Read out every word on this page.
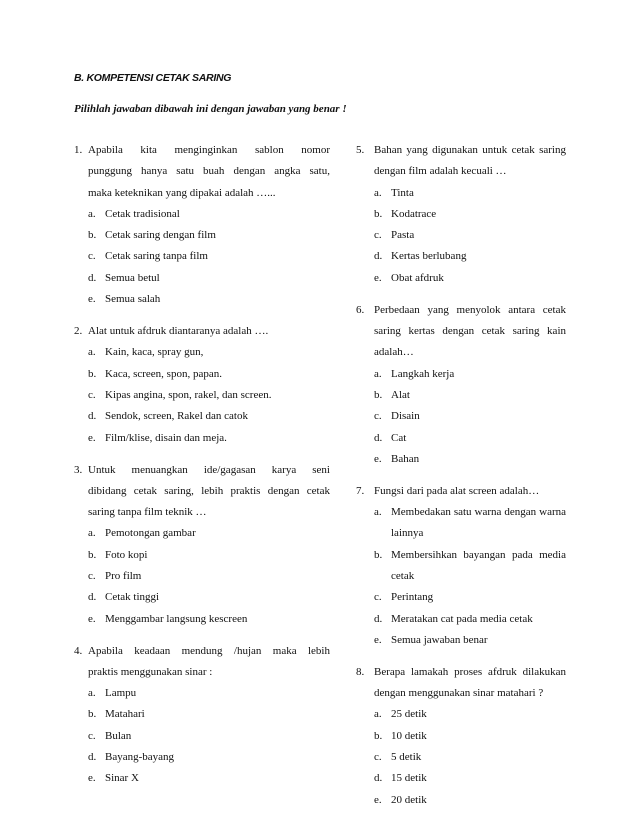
B. KOMPETENSI CETAK SARING
Pilihlah jawaban dibawah ini dengan jawaban yang benar !
1. Apabila kita menginginkan sablon nomor
punggung hanya satu buah dengan angka satu,
maka keteknikan yang dipakai adalah …...
a. Cetak tradisional
b. Cetak saring dengan film
c. Cetak saring tanpa film
d. Semua betul
e. Semua salah
2. Alat untuk afdruk diantaranya adalah ….
a. Kain, kaca, spray gun,
b. Kaca, screen, spon, papan.
c. Kipas angina, spon, rakel, dan screen.
d. Sendok, screen, Rakel dan catok
e. Film/klise, disain dan meja.
3. Untuk menuangkan ide/gagasan karya seni
dibidang cetak saring, lebih praktis dengan cetak
saring tanpa film teknik …
a. Pemotongan gambar
b. Foto kopi
c. Pro film
d. Cetak tinggi
e. Menggambar langsung kescreen
4. Apabila keadaan mendung /hujan maka lebih
praktis menggunakan sinar :
a. Lampu
b. Matahari
c. Bulan
d. Bayang-bayang
e. Sinar X
5. Bahan yang digunakan untuk cetak saring
dengan film adalah kecuali …
a. Tinta
b. Kodatrace
c. Pasta
d. Kertas berlubang
e. Obat afdruk
6. Perbedaan yang menyolok antara cetak
saring kertas dengan cetak saring kain
adalah…
a. Langkah kerja
b. Alat
c. Disain
d. Cat
e. Bahan
7. Fungsi dari pada alat screen adalah…
a. Membedakan satu warna dengan warna
lainnya
b. Membersihkan bayangan pada media
cetak
c. Perintang
d. Meratakan cat pada media cetak
e. Semua jawaban benar
8. Berapa lamakah proses afdruk dilakukan
dengan menggunakan sinar matahari ?
a. 25 detik
b. 10 detik
c. 5 detik
d. 15 detik
e. 20 detik
